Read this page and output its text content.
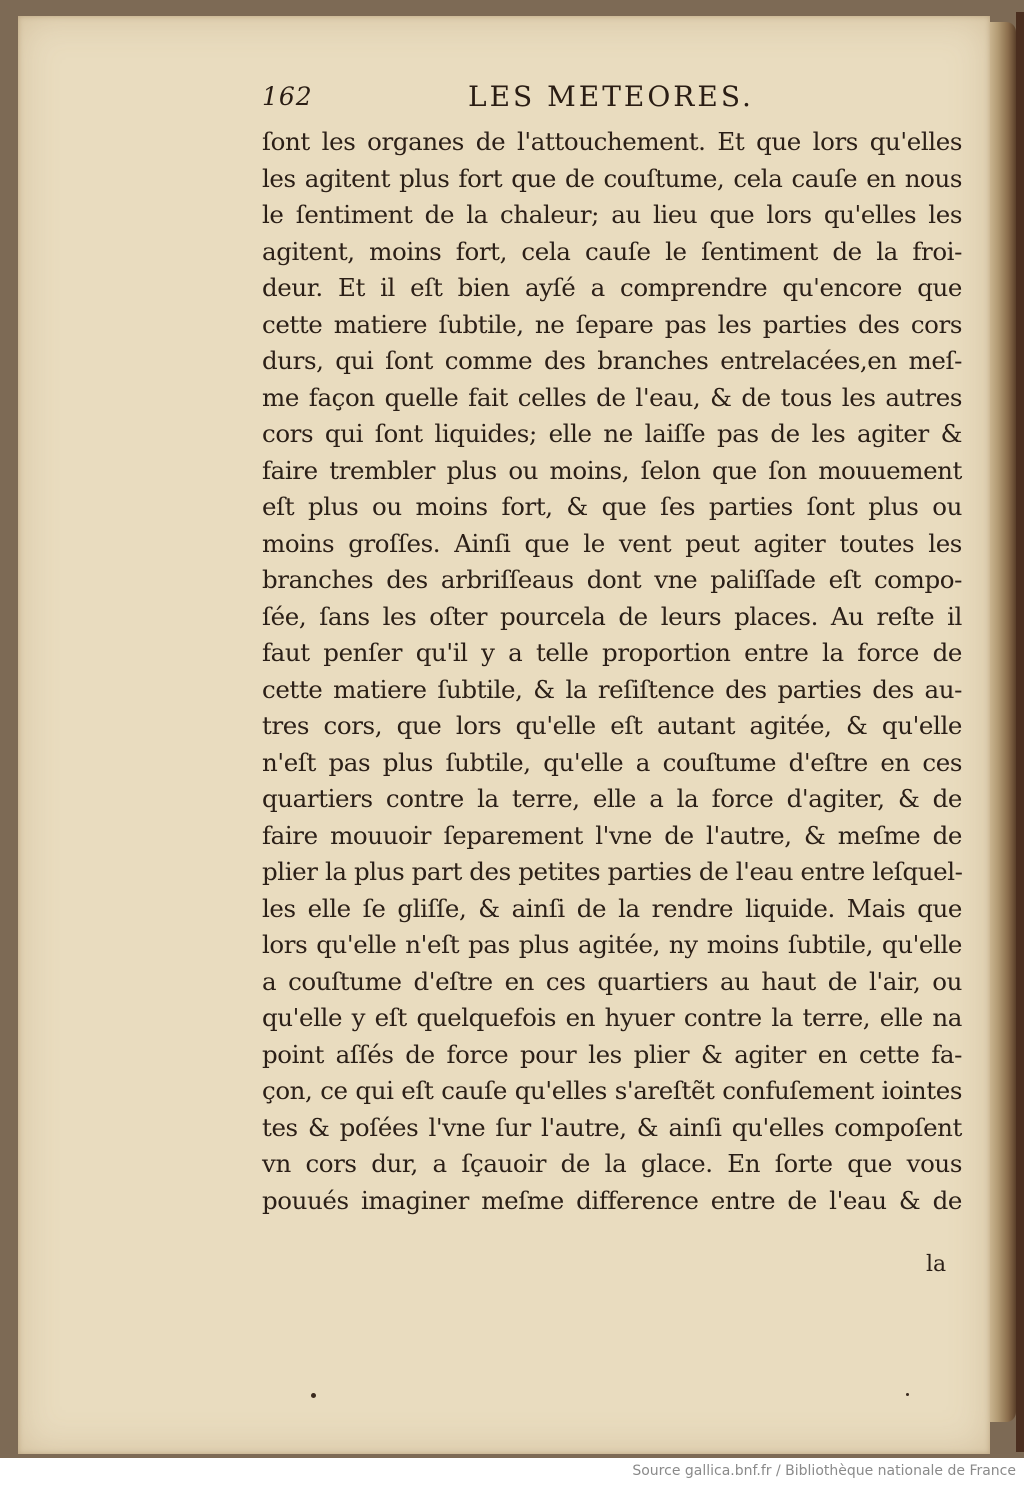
162	LES METEORES.
ſont les organes de l'attouchement. Et que lors qu'elles
les agitent plus fort que de couſtume, cela cauſe en nous
le ſentiment de la chaleur; au lieu que lors qu'elles les
agitent, moins fort, cela cauſe le ſentiment de la froi-
deur. Et il eſt bien ayſé a comprendre qu'encore que
cette matiere ſubtile, ne ſepare pas les parties des cors
durs, qui ſont comme des branches entrelacées,en meſ-
me façon quelle fait celles de l'eau, & de tous les autres
cors qui ſont liquides; elle ne laiſſe pas de les agiter &
faire trembler plus ou moins, ſelon que ſon mouuement
eſt plus ou moins fort, & que ſes parties ſont plus ou
moins groſſes. Ainſi que le vent peut agiter toutes les
branches des arbriſſeaus dont vne paliſſade eſt compo-
ſée, ſans les oſter pourcela de leurs places. Au reſte il
faut penſer qu'il y a telle proportion entre la force de
cette matiere ſubtile, & la reſiſtence des parties des au-
tres cors, que lors qu'elle eſt autant agitée, & qu'elle
n'eſt pas plus ſubtile, qu'elle a couſtume d'eſtre en ces
quartiers contre la terre, elle a la force d'agiter, & de
faire mouuoir ſeparement l'vne de l'autre, & meſme de
plier la plus part des petites parties de l'eau entre leſquel-
les elle ſe gliſſe, & ainſi de la rendre liquide. Mais que
lors qu'elle n'eſt pas plus agitée, ny moins ſubtile, qu'elle
a couſtume d'eſtre en ces quartiers au haut de l'air, ou
qu'elle y eſt quelquefois en hyuer contre la terre, elle na
point aſſés de force pour les plier & agiter en cette fa-
çon, ce qui eſt cauſe qu'elles s'areſtẽt confuſement iointes
tes & poſées l'vne ſur l'autre, & ainſi qu'elles compoſent
vn cors dur, a ſçauoir de la glace. En ſorte que vous
pouués imaginer meſme difference entre de l'eau & de
la
Source gallica.bnf.fr / Bibliothèque nationale de France
